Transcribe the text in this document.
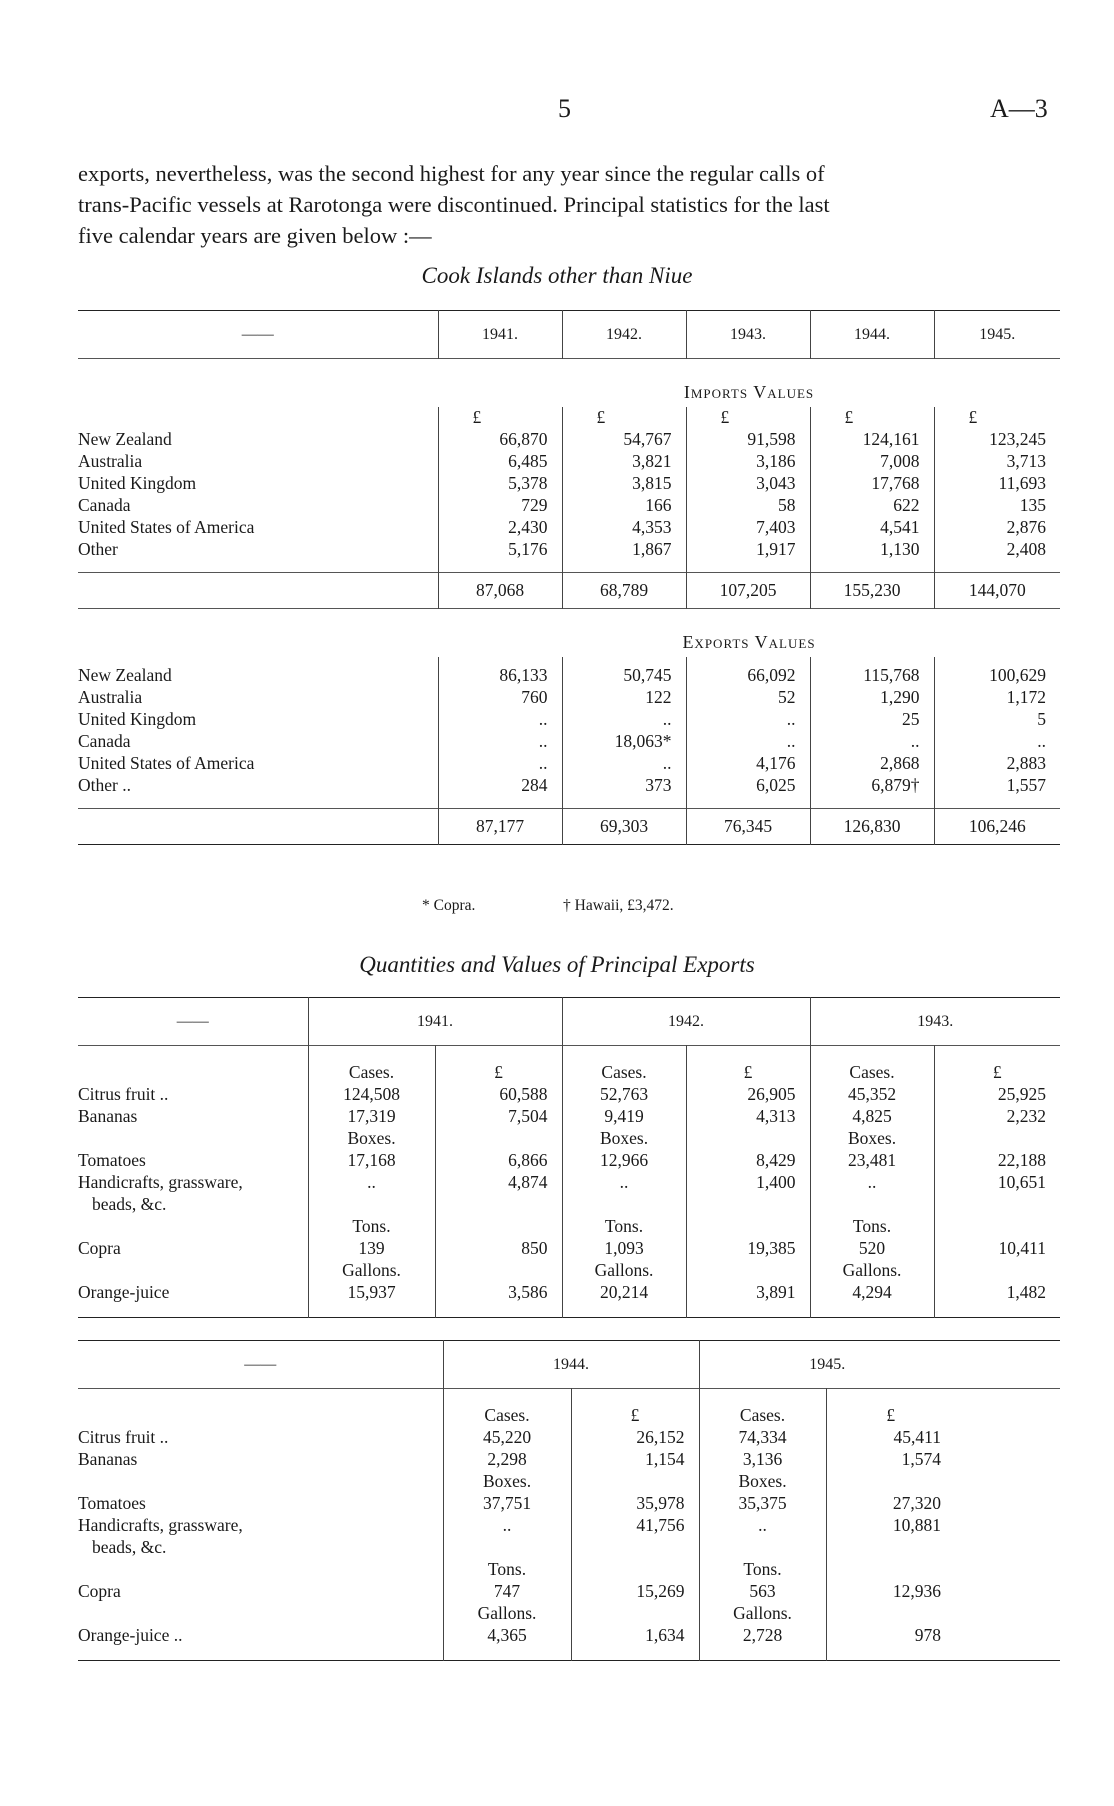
5	A—3
exports, nevertheless, was the second highest for any year since the regular calls of
trans-Pacific vessels at Rarotonga were discontinued. Principal statistics for the last
five calendar years are given below :—
Cook Islands other than Niue
——	1941.	1942.	1943.	1944.	1945.
	Imports Values				
	£	£	£	£	£
New Zealand	66,870	54,767	91,598	124,161	123,245
Australia	6,485	3,821	3,186	7,008	3,713
United Kingdom	5,378	3,815	3,043	17,768	11,693
Canada	729	166	58	622	135
United States of America	2,430	4,353	7,403	4,541	2,876
Other	5,176	1,867	1,917	1,130	2,408

	87,068	68,789	107,205	155,230	144,070
	Exports Values				

New Zealand	86,133	50,745	66,092	115,768	100,629
Australia	760	122	52	1,290	1,172
United Kingdom	..	..	..	25	5
Canada	..	18,063*	..	..	..
United States of America	..	..	4,176	2,868	2,883
Other ..	284	373	6,025	6,879†	1,557

	87,177	69,303	76,345	126,830	106,246
* Copra.	† Hawaii, £3,472.
Quantities and Values of Principal Exports
——	1941.		1942.		1943.	

	Cases.	£	Cases.	£	Cases.	£
Citrus fruit ..	124,508	60,588	52,763	26,905	45,352	25,925
Bananas	17,319	7,504	9,419	4,313	4,825	2,232
	Boxes.		Boxes.		Boxes.	
Tomatoes	17,168	6,866	12,966	8,429	23,481	22,188
Handicrafts, grassware,	..	4,874	..	1,400	..	10,651
beads, &c.						
	Tons.		Tons.		Tons.	
Copra	139	850	1,093	19,385	520	10,411
	Gallons.		Gallons.		Gallons.	
Orange-juice	15,937	3,586	20,214	3,891	4,294	1,482

——	1944.		1945.		

	Cases.	£	Cases.	£	
Citrus fruit ..	45,220	26,152	74,334	45,411	
Bananas	2,298	1,154	3,136	1,574	
	Boxes.		Boxes.		
Tomatoes	37,751	35,978	35,375	27,320	
Handicrafts, grassware,	..	41,756	..	10,881	
beads, &c.					
	Tons.		Tons.		
Copra	747	15,269	563	12,936	
	Gallons.		Gallons.		
Orange-juice ..	4,365	1,634	2,728	978	
